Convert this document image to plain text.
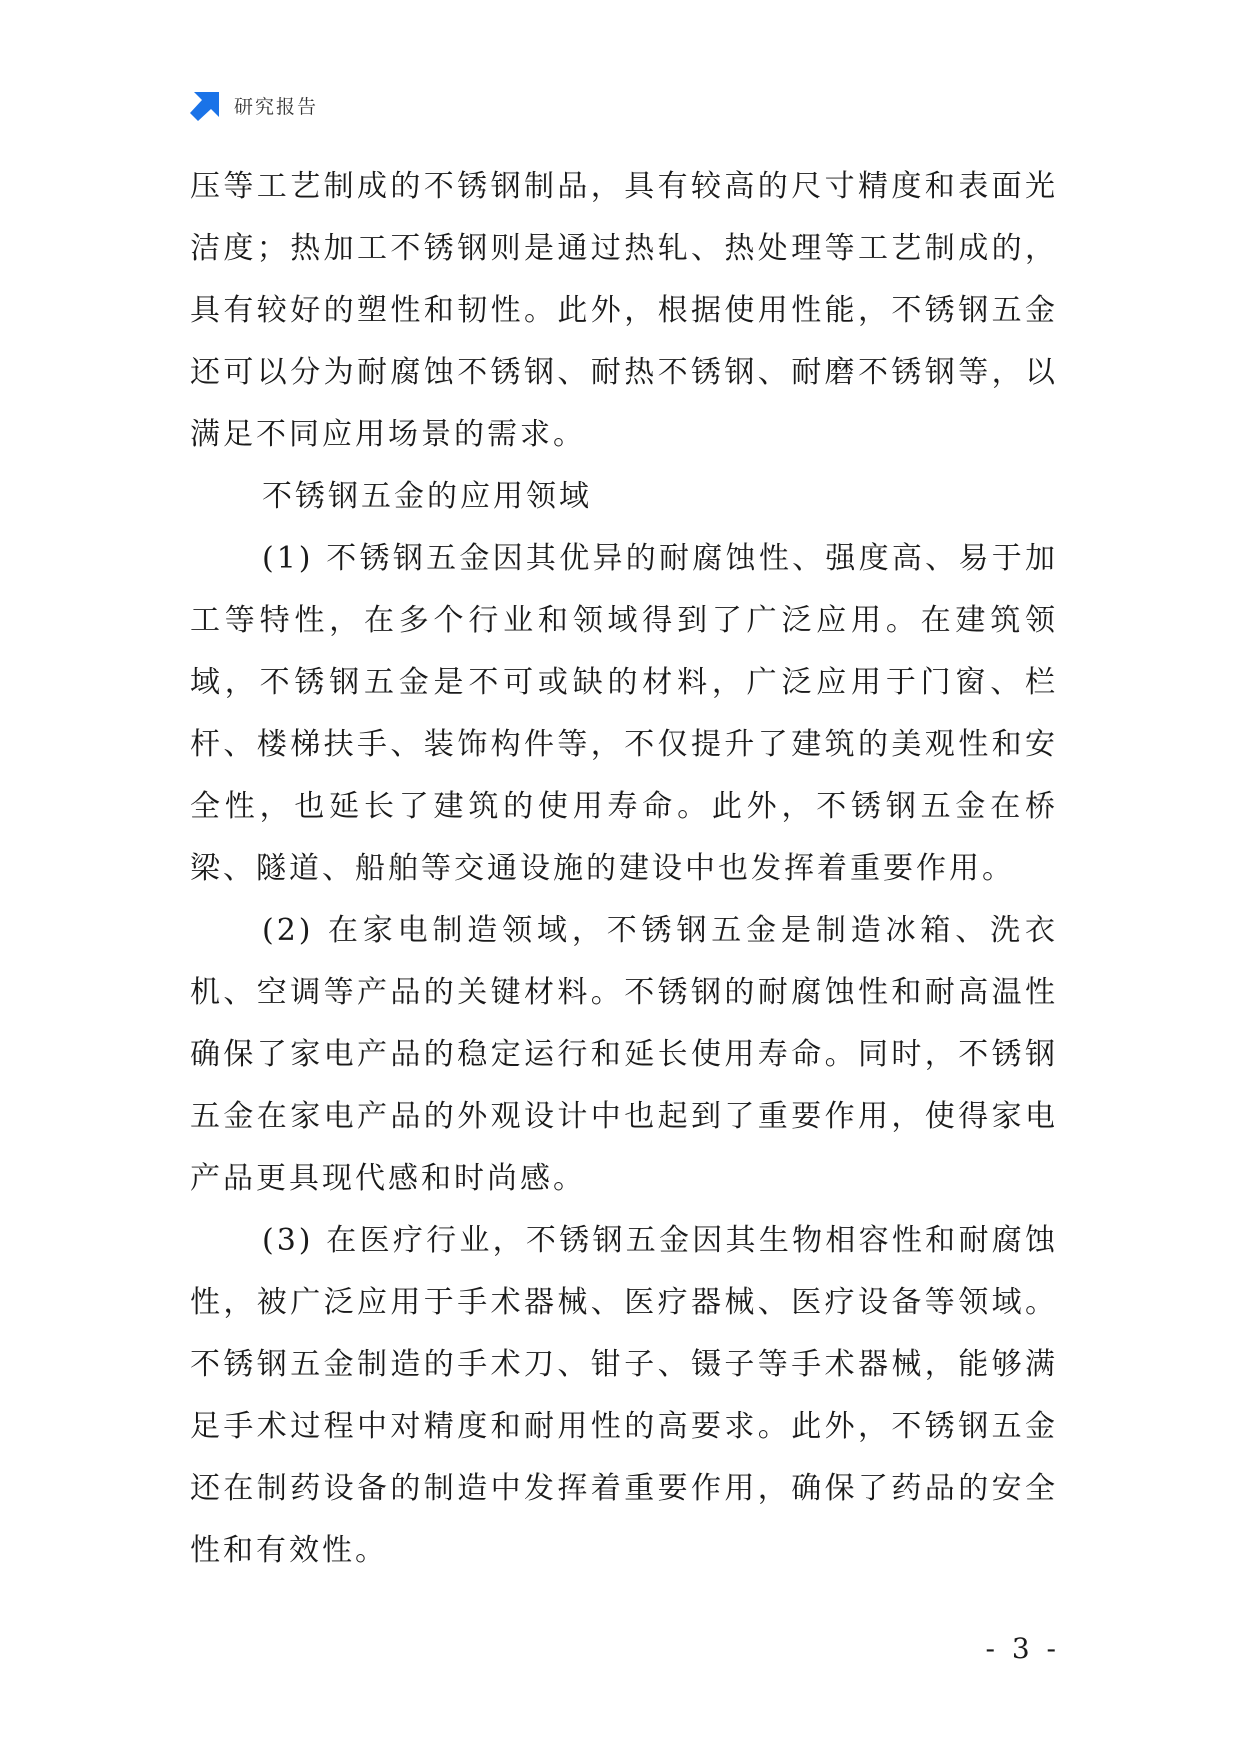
研究报告

压等工艺制成的不锈钢制品，具有较高的尺寸精度和表面光洁度；热加工不锈钢则是通过热轧、热处理等工艺制成的，具有较好的塑性和韧性。此外，根据使用性能，不锈钢五金还可以分为耐腐蚀不锈钢、耐热不锈钢、耐磨不锈钢等，以满足不同应用场景的需求。

不锈钢五金的应用领域

(1) 不锈钢五金因其优异的耐腐蚀性、强度高、易于加工等特性，在多个行业和领域得到了广泛应用。在建筑领域，不锈钢五金是不可或缺的材料，广泛应用于门窗、栏杆、楼梯扶手、装饰构件等，不仅提升了建筑的美观性和安全性，也延长了建筑的使用寿命。此外，不锈钢五金在桥梁、隧道、船舶等交通设施的建设中也发挥着重要作用。

(2) 在家电制造领域，不锈钢五金是制造冰箱、洗衣机、空调等产品的关键材料。不锈钢的耐腐蚀性和耐高温性确保了家电产品的稳定运行和延长使用寿命。同时，不锈钢五金在家电产品的外观设计中也起到了重要作用，使得家电产品更具现代感和时尚感。

(3) 在医疗行业，不锈钢五金因其生物相容性和耐腐蚀性，被广泛应用于手术器械、医疗器械、医疗设备等领域。不锈钢五金制造的手术刀、钳子、镊子等手术器械，能够满足手术过程中对精度和耐用性的高要求。此外，不锈钢五金还在制药设备的制造中发挥着重要作用，确保了药品的安全性和有效性。

- 3 -
